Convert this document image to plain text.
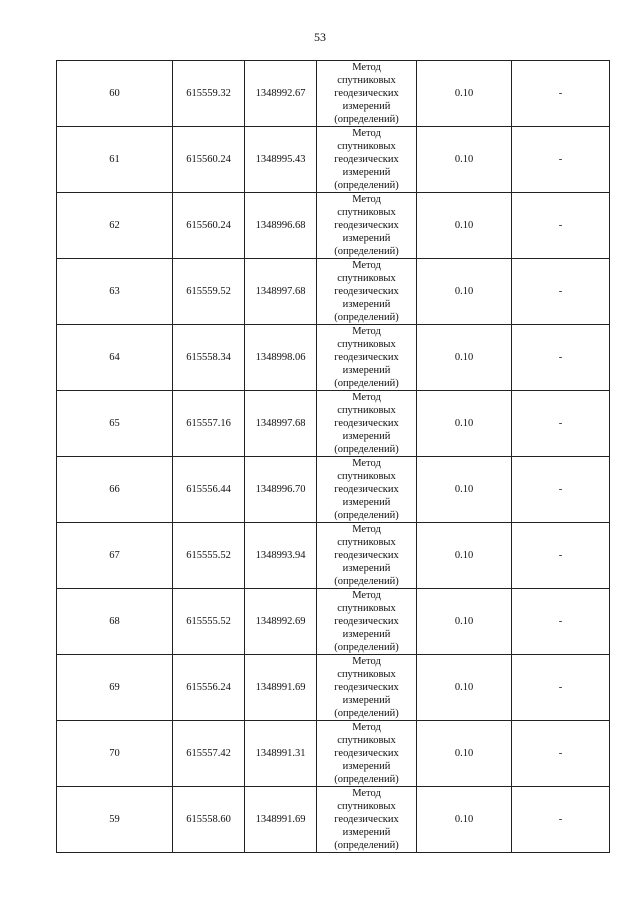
53
60	615559.32	1348992.67	Метод
спутниковых
геодезических
измерений
(определений)	0.10	-
61	615560.24	1348995.43	Метод
спутниковых
геодезических
измерений
(определений)	0.10	-
62	615560.24	1348996.68	Метод
спутниковых
геодезических
измерений
(определений)	0.10	-
63	615559.52	1348997.68	Метод
спутниковых
геодезических
измерений
(определений)	0.10	-
64	615558.34	1348998.06	Метод
спутниковых
геодезических
измерений
(определений)	0.10	-
65	615557.16	1348997.68	Метод
спутниковых
геодезических
измерений
(определений)	0.10	-
66	615556.44	1348996.70	Метод
спутниковых
геодезических
измерений
(определений)	0.10	-
67	615555.52	1348993.94	Метод
спутниковых
геодезических
измерений
(определений)	0.10	-
68	615555.52	1348992.69	Метод
спутниковых
геодезических
измерений
(определений)	0.10	-
69	615556.24	1348991.69	Метод
спутниковых
геодезических
измерений
(определений)	0.10	-
70	615557.42	1348991.31	Метод
спутниковых
геодезических
измерений
(определений)	0.10	-
59	615558.60	1348991.69	Метод
спутниковых
геодезических
измерений
(определений)	0.10	-
